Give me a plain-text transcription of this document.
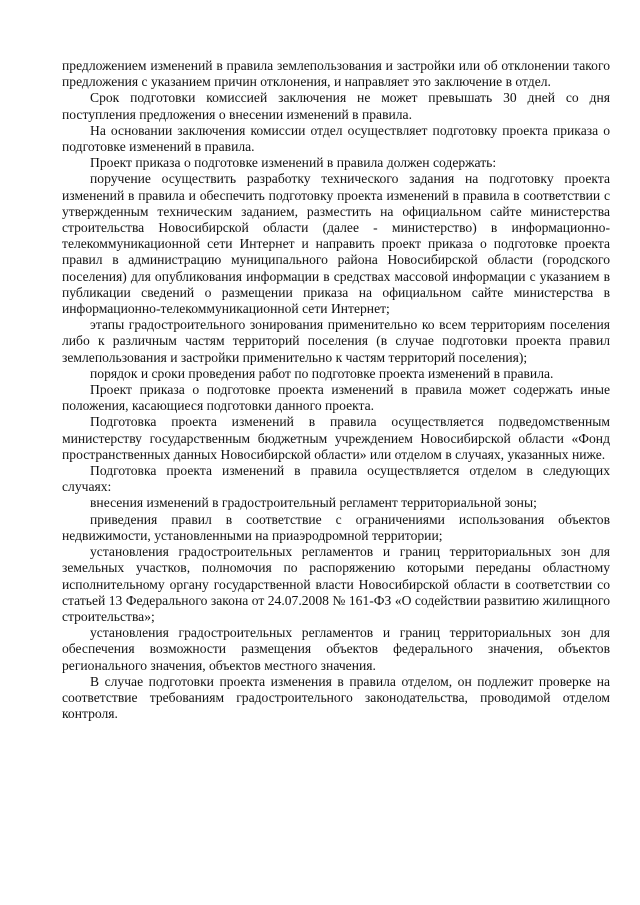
предложением изменений в правила землепользования и застройки или об отклонении такого предложения с указанием причин отклонения, и направляет это заключение в отдел.

Срок подготовки комиссией заключения не может превышать 30 дней со дня поступления предложения о внесении изменений в правила.

На основании заключения комиссии отдел осуществляет подготовку проекта приказа о подготовке изменений в правила.

Проект приказа о подготовке изменений в правила должен содержать:

поручение осуществить разработку технического задания на подготовку проекта изменений в правила и обеспечить подготовку проекта изменений в правила в соответствии с утвержденным техническим заданием, разместить на официальном сайте министерства строительства Новосибирской области (далее - министерство) в информационно-телекоммуникационной сети Интернет и направить проект приказа о подготовке проекта правил в администрацию муниципального района Новосибирской области (городского поселения) для опубликования информации в средствах массовой информации с указанием в публикации сведений о размещении приказа на официальном сайте министерства в информационно-телекоммуникационной сети Интернет;

этапы градостроительного зонирования применительно ко всем территориям поселения либо к различным частям территорий поселения (в случае подготовки проекта правил землепользования и застройки применительно к частям территорий поселения);

порядок и сроки проведения работ по подготовке проекта изменений в правила.

Проект приказа о подготовке проекта изменений в правила может содержать иные положения, касающиеся подготовки данного проекта.

Подготовка проекта изменений в правила осуществляется подведомственным министерству государственным бюджетным учреждением Новосибирской области «Фонд пространственных данных Новосибирской области» или отделом в случаях, указанных ниже.

Подготовка проекта изменений в правила осуществляется отделом в следующих случаях:

внесения изменений в градостроительный регламент территориальной зоны;

приведения правил в соответствие с ограничениями использования объектов недвижимости, установленными на приаэродромной территории;

установления градостроительных регламентов и границ территориальных зон для земельных участков, полномочия по распоряжению которыми переданы областному исполнительному органу государственной власти Новосибирской области в соответствии со статьей 13 Федерального закона от 24.07.2008 № 161-ФЗ «О содействии развитию жилищного строительства»;

установления градостроительных регламентов и границ территориальных зон для обеспечения возможности размещения объектов федерального значения, объектов регионального значения, объектов местного значения.

В случае подготовки проекта изменения в правила отделом, он подлежит проверке на соответствие требованиям градостроительного законодательства, проводимой отделом контроля.
